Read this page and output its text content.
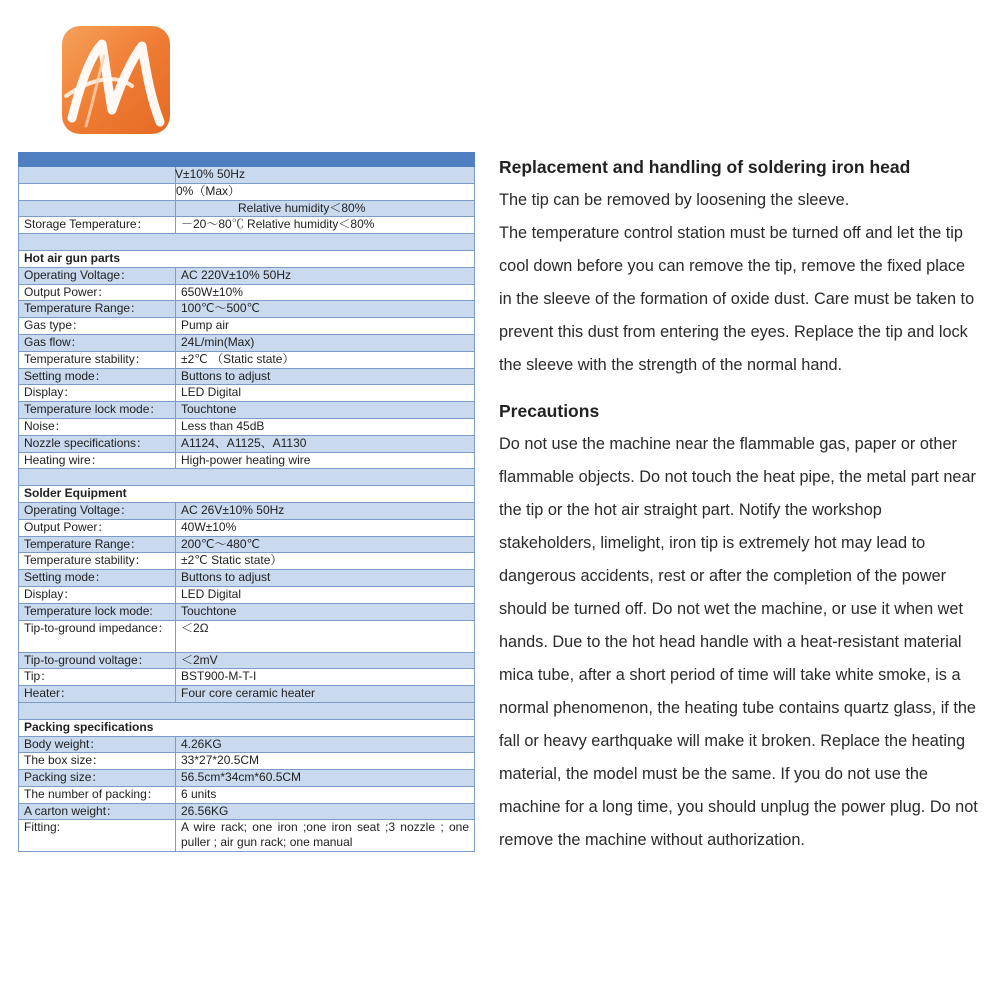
	V±10% 50Hz
	0%（Max）
	Relative humidity＜80%
Storage Temperature：	－20～80℃ Relative humidity＜80%

Hot air gun parts	
Operating Voltage：	AC 220V±10% 50Hz
Output Power：	650W±10%
Temperature Range：	100℃～500℃
Gas type：	Pump air
Gas flow：	24L/min(Max)
Temperature stability：	±2℃ （Static state）
Setting mode：	Buttons to adjust
Display：	LED Digital
Temperature lock mode：	Touchtone
Noise：	Less than 45dB
Nozzle specifications：	A1124、A1125、A1130
Heating wire：	High-power heating wire

Solder Equipment	
Operating Voltage：	AC 26V±10% 50Hz
Output Power：	40W±10%
Temperature Range：	200℃～480℃
Temperature stability：	±2℃ Static state）
Setting mode：	Buttons to adjust
Display：	LED Digital
Temperature lock mode:	Touchtone
Tip-to-ground impedance：	＜2Ω
Tip-to-ground voltage：	＜2mV
Tip：	BST900-M-T-I
Heater：	Four core ceramic heater

Packing specifications	
Body weight：	4.26KG
The box size：	33*27*20.5CM
Packing size：	56.5cm*34cm*60.5CM
The number of packing：	6 units
A carton weight：	26.56KG
Fitting:	A wire rack; one iron ;one iron seat ;3 nozzle ; one puller ; air gun rack; one manual
Replacement and handling of soldering iron head

The tip can be removed by loosening the sleeve.

The temperature control station must be turned off and let the tip cool down before you can remove the tip, remove the fixed place in the sleeve of the formation of oxide dust. Care must be taken to prevent this dust from entering the eyes. Replace the tip and lock the sleeve with the strength of the normal hand.

Precautions

Do not use the machine near the flammable gas, paper or other flammable objects. Do not touch the heat pipe, the metal part near the tip or the hot air straight part. Notify the workshop stakeholders, limelight, iron tip is extremely hot may lead to dangerous accidents, rest or after the completion of the power should be turned off. Do not wet the machine, or use it when wet hands. Due to the hot head handle with a heat-resistant material mica tube, after a short period of time will take white smoke, is a normal phenomenon, the heating tube contains quartz glass, if the fall or heavy earthquake will make it broken. Replace the heating material, the model must be the same. If you do not use the machine for a long time, you should unplug the power plug. Do not remove the machine without authorization.
